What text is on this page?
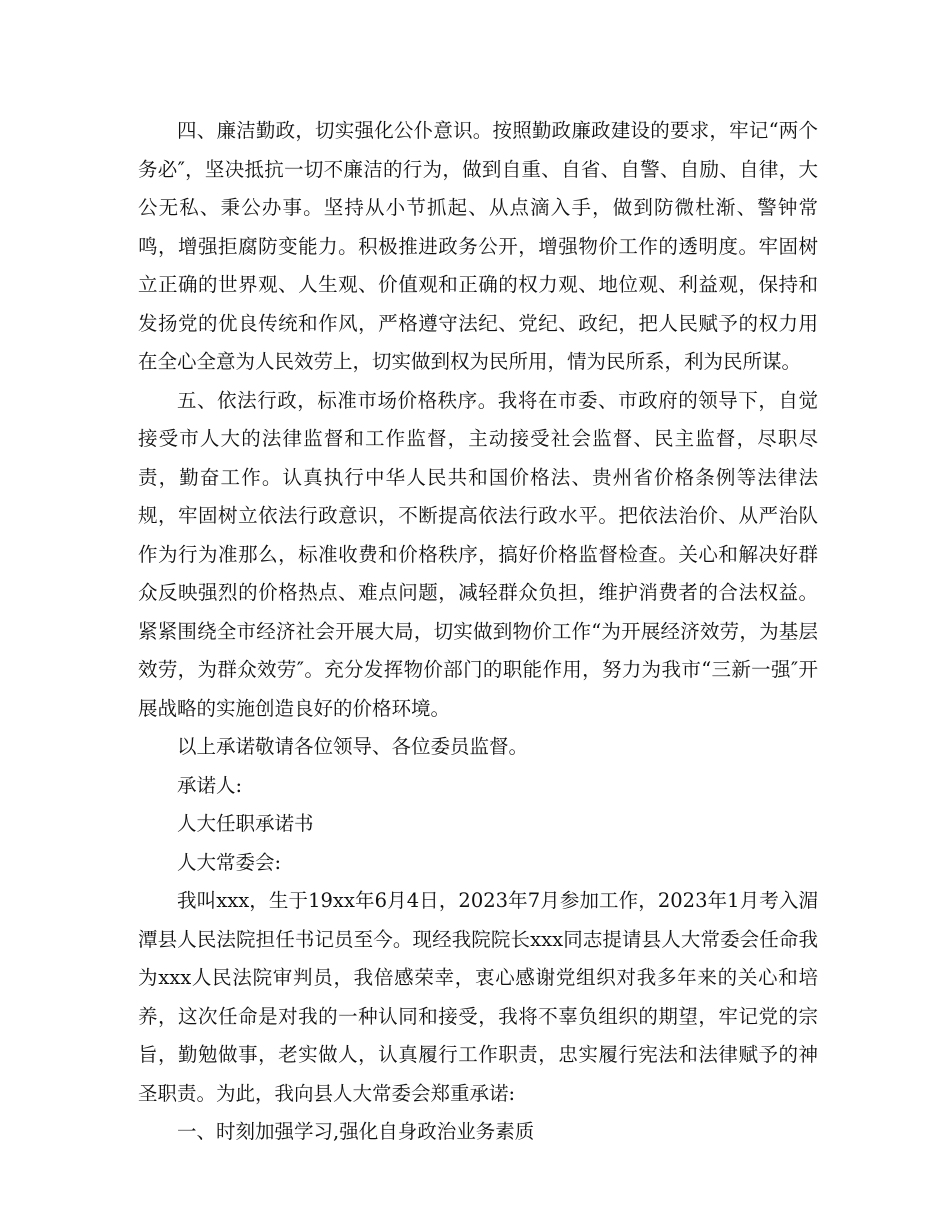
四、廉洁勤政，切实强化公仆意识。按照勤政廉政建设的要求，牢记“两个务必″，坚决抵抗一切不廉洁的行为，做到自重、自省、自警、自励、自律，大公无私、秉公办事。坚持从小节抓起、从点滴入手，做到防微杜渐、警钟常鸣，增强拒腐防变能力。积极推进政务公开，增强物价工作的透明度。牢固树立正确的世界观、人生观、价值观和正确的权力观、地位观、利益观，保持和发扬党的优良传统和作风，严格遵守法纪、党纪、政纪，把人民赋予的权力用在全心全意为人民效劳上，切实做到权为民所用，情为民所系，利为民所谋。

五、依法行政，标准市场价格秩序。我将在市委、市政府的领导下，自觉接受市人大的法律监督和工作监督，主动接受社会监督、民主监督，尽职尽责，勤奋工作。认真执行中华人民共和国价格法、贵州省价格条例等法律法规，牢固树立依法行政意识，不断提高依法行政水平。把依法治价、从严治队作为行为准那么，标准收费和价格秩序，搞好价格监督检查。关心和解决好群众反映强烈的价格热点、难点问题，减轻群众负担，维护消费者的合法权益。紧紧围绕全市经济社会开展大局，切实做到物价工作“为开展经济效劳，为基层效劳，为群众效劳″。充分发挥物价部门的职能作用，努力为我市“三新一强″开展战略的实施创造良好的价格环境。

以上承诺敬请各位领导、各位委员监督。

承诺人:

人大任职承诺书

人大常委会:

我叫xxx，生于19xx年6月4日，2023年7月参加工作，2023年1月考入湄潭县人民法院担任书记员至今。现经我院院长xxx同志提请县人大常委会任命我为xxx人民法院审判员，我倍感荣幸，衷心感谢党组织对我多年来的关心和培养，这次任命是对我的一种认同和接受，我将不辜负组织的期望，牢记党的宗旨，勤勉做事，老实做人，认真履行工作职责，忠实履行宪法和法律赋予的神圣职责。为此，我向县人大常委会郑重承诺:

一、时刻加强学习,强化自身政治业务素质
